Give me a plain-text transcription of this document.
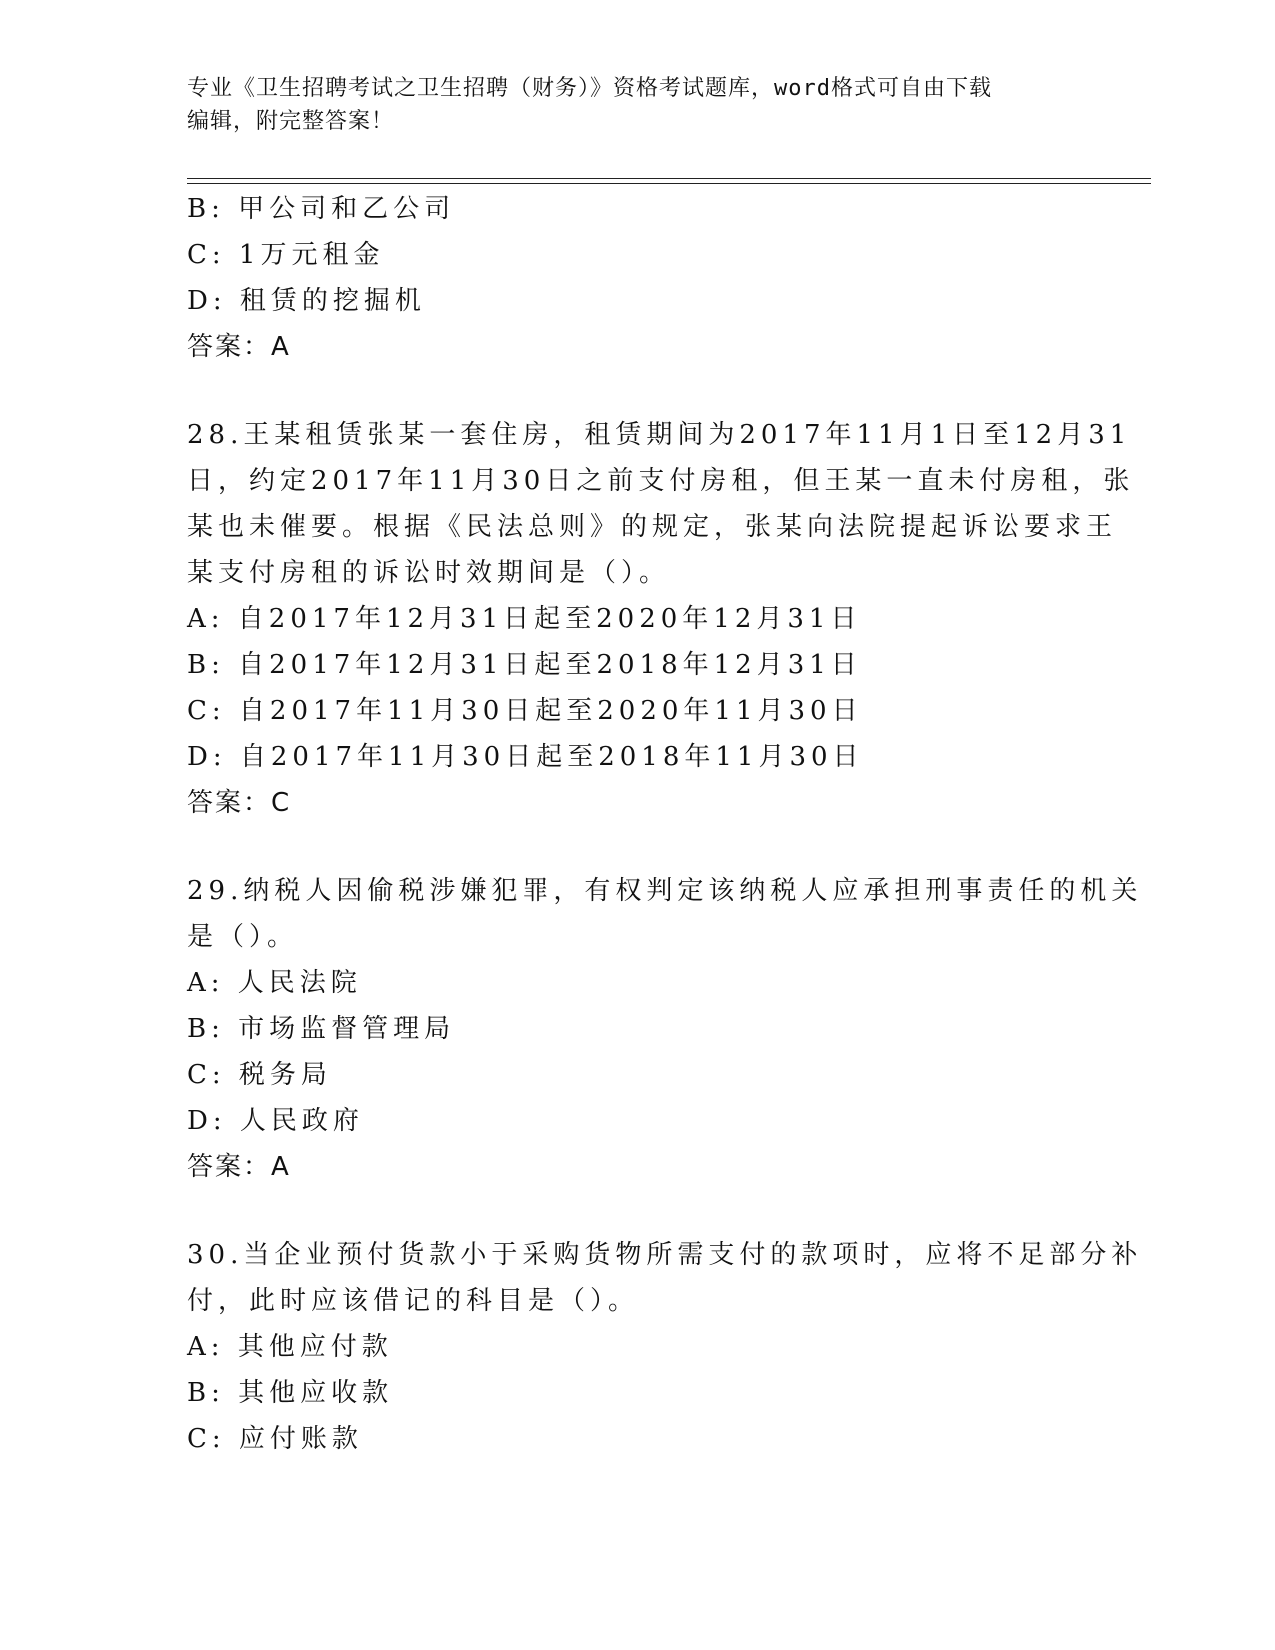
专业《卫生招聘考试之卫生招聘（财务）》资格考试题库，word格式可自由下载
编辑，附完整答案！
B: 甲公司和乙公司
C: 1万元租金
D: 租赁的挖掘机
答案：A
28.王某租赁张某一套住房，租赁期间为2017年11月1日至12月31
日，约定2017年11月30日之前支付房租，但王某一直未付房租，张
某也未催要。根据《民法总则》的规定，张某向法院提起诉讼要求王
某支付房租的诉讼时效期间是（）。
A: 自2017年12月31日起至2020年12月31日
B: 自2017年12月31日起至2018年12月31日
C: 自2017年11月30日起至2020年11月30日
D: 自2017年11月30日起至2018年11月30日
答案：C
29.纳税人因偷税涉嫌犯罪，有权判定该纳税人应承担刑事责任的机关
是（）。
A: 人民法院
B: 市场监督管理局
C: 税务局
D: 人民政府
答案：A
30.当企业预付货款小于采购货物所需支付的款项时，应将不足部分补
付，此时应该借记的科目是（）。
A: 其他应付款
B: 其他应收款
C: 应付账款
